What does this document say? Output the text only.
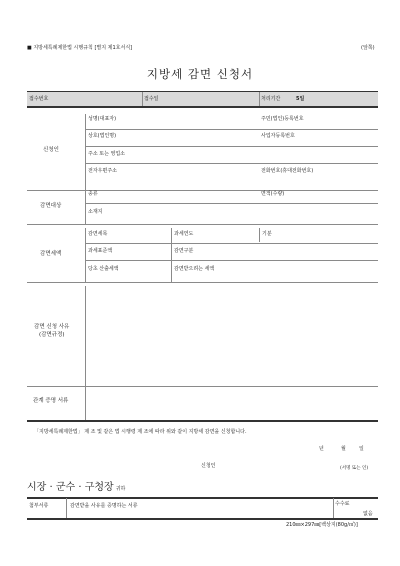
■ 지방세특례제한법 시행규칙 [별지 제1호서식]	(앞쪽)
지방세 감면 신청서
접수번호	접수일	처리기간	5일
신청인
성명(대표자)	주민(법인)등록번호
상호(법인명)	사업자등록번호
주소 또는 영업소
전자우편주소	전화번호(휴대전화번호)
감면대상
종류	면적(수량)
소재지
감면세액
감면세목	과세연도	기분
과세표준액	감면구분
당초 산출세액	감면받으려는 세액
감면 신청 사유
(감면규정)
관계 증명 서류
「지방세특례제한법」 제 조 및 같은 법 시행령 제 조에 따라 위와 같이 지방세 감면을 신청합니다.
년	월	일
신청인	(서명 또는 인)
시장 · 군수 · 구청장 귀하
첨부서류	감면받을 사유를 증명하는 서류	수수료
없음
210㎜×297㎜[백상지(80g/㎡)]
